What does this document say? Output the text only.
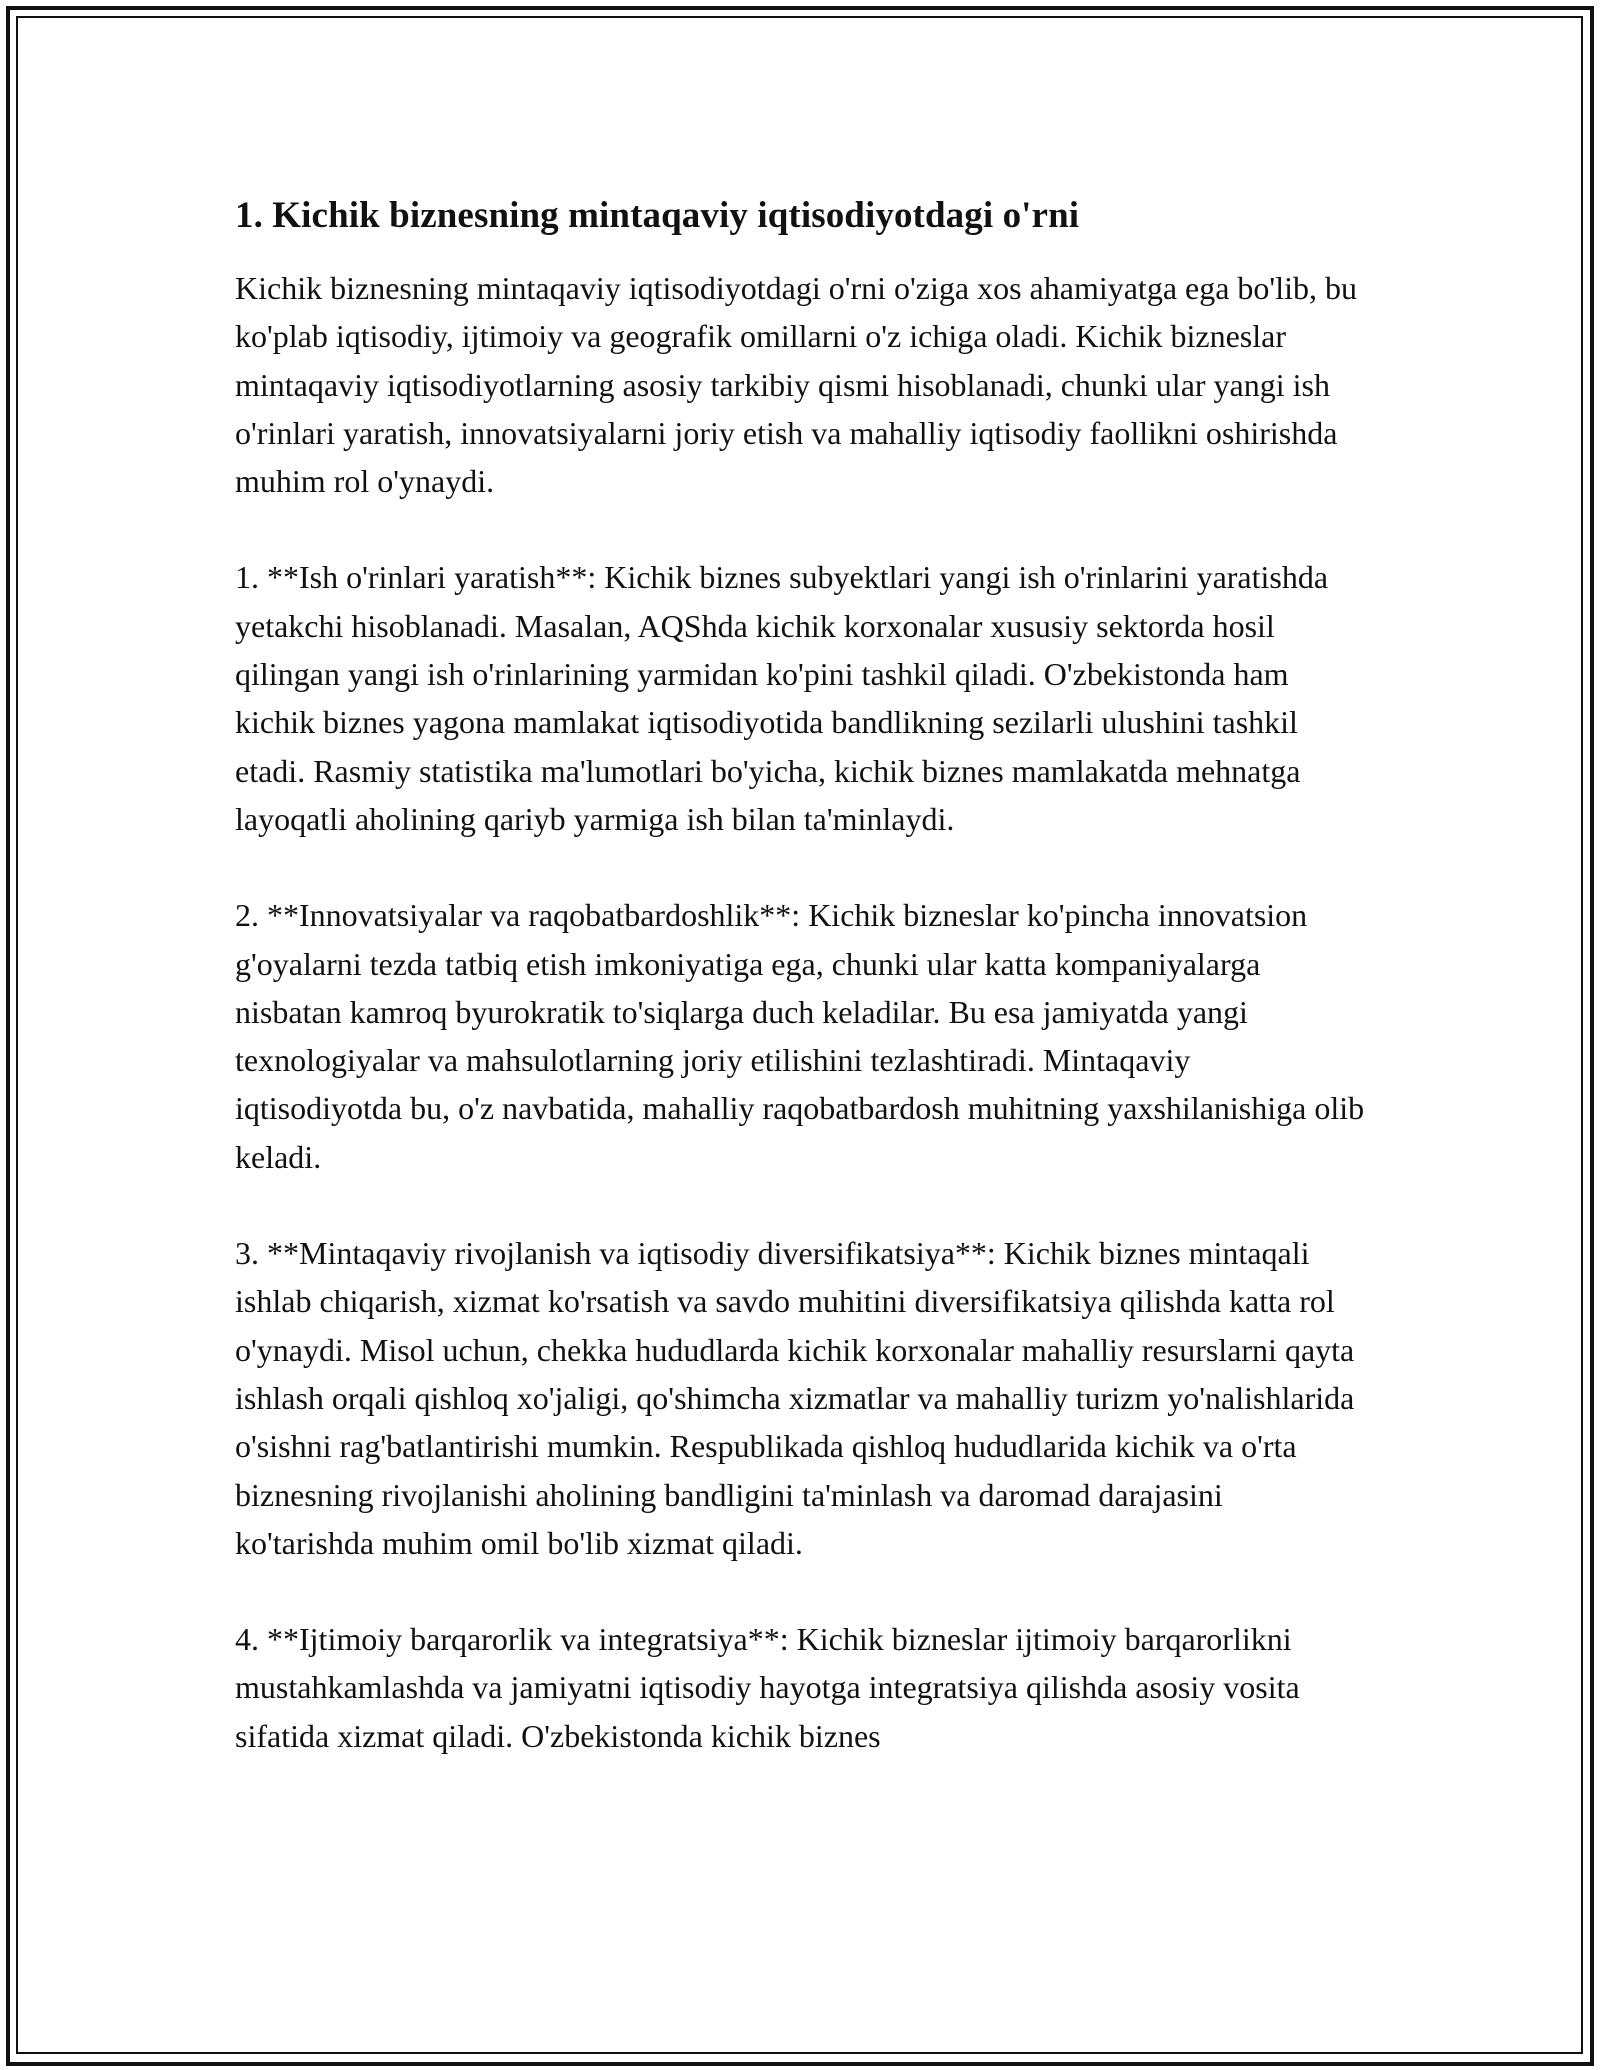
1. Kichik biznesning mintaqaviy iqtisodiyotdagi o'rni

Kichik biznesning mintaqaviy iqtisodiyotdagi o'rni o'ziga xos ahamiyatga ega bo'lib, bu ko'plab iqtisodiy, ijtimoiy va geografik omillarni o'z ichiga oladi. Kichik bizneslar mintaqaviy iqtisodiyotlarning asosiy tarkibiy qismi hisoblanadi, chunki ular yangi ish o'rinlari yaratish, innovatsiyalarni joriy etish va mahalliy iqtisodiy faollikni oshirishda muhim rol o'ynaydi.

1. **Ish o'rinlari yaratish**: Kichik biznes subyektlari yangi ish o'rinlarini yaratishda yetakchi hisoblanadi. Masalan, AQShda kichik korxonalar xususiy sektorda hosil qilingan yangi ish o'rinlarining yarmidan ko'pini tashkil qiladi. O'zbekistonda ham kichik biznes yagona mamlakat iqtisodiyotida bandlikning sezilarli ulushini tashkil etadi. Rasmiy statistika ma'lumotlari bo'yicha, kichik biznes mamlakatda mehnatga layoqatli aholining qariyb yarmiga ish bilan ta'minlaydi.

2. **Innovatsiyalar va raqobatbardoshlik**: Kichik bizneslar ko'pincha innovatsion g'oyalarni tezda tatbiq etish imkoniyatiga ega, chunki ular katta kompaniyalarga nisbatan kamroq byurokratik to'siqlarga duch keladilar. Bu esa jamiyatda yangi texnologiyalar va mahsulotlarning joriy etilishini tezlashtiradi. Mintaqaviy iqtisodiyotda bu, o'z navbatida, mahalliy raqobatbardosh muhitning yaxshilanishiga olib keladi.

3. **Mintaqaviy rivojlanish va iqtisodiy diversifikatsiya**: Kichik biznes mintaqali ishlab chiqarish, xizmat ko'rsatish va savdo muhitini diversifikatsiya qilishda katta rol o'ynaydi. Misol uchun, chekka hududlarda kichik korxonalar mahalliy resurslarni qayta ishlash orqali qishloq xo'jaligi, qo'shimcha xizmatlar va mahalliy turizm yo'nalishlarida o'sishni rag'batlantirishi mumkin. Respublikada qishloq hududlarida kichik va o'rta biznesning rivojlanishi aholining bandligini ta'minlash va daromad darajasini ko'tarishda muhim omil bo'lib xizmat qiladi.

4. **Ijtimoiy barqarorlik va integratsiya**: Kichik bizneslar ijtimoiy barqarorlikni mustahkamlashda va jamiyatni iqtisodiy hayotga integratsiya qilishda asosiy vosita sifatida xizmat qiladi. O'zbekistonda kichik biznes
